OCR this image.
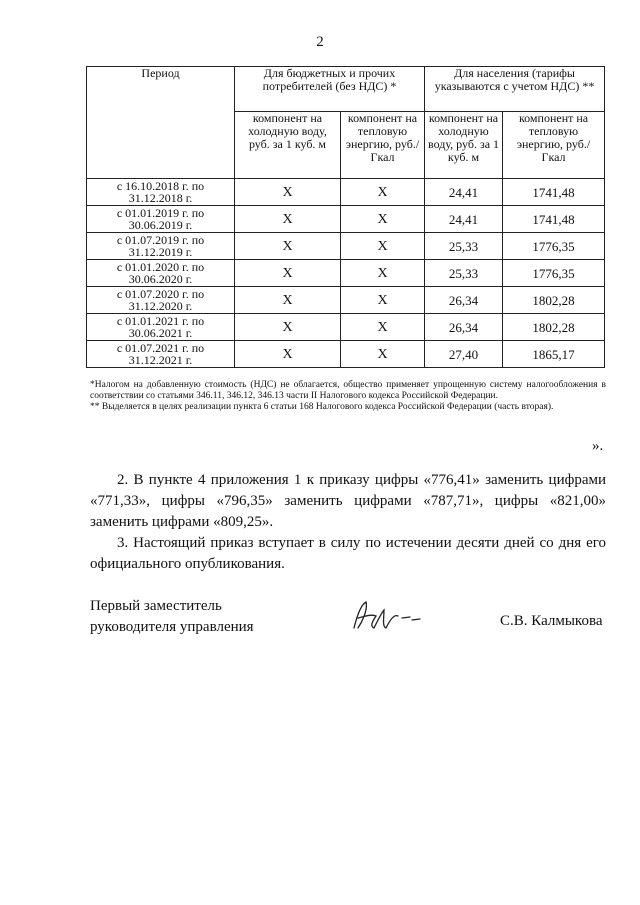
2
Период	Для бюджетных и прочих потребителей (без НДС) *		Для населения (тарифы указываются с учетом НДС) **	
	компонент на холодную воду, руб. за 1 куб. м	компонент на тепловую энергию, руб./Гкал	компонент на холодную воду, руб. за 1 куб. м	компонент на тепловую энергию, руб./Гкал
с 16.10.2018 г. по 31.12.2018 г.	X	X	24,41	1741,48
с 01.01.2019 г. по 30.06.2019 г.	X	X	24,41	1741,48
с 01.07.2019 г. по 31.12.2019 г.	X	X	25,33	1776,35
с 01.01.2020 г. по 30.06.2020 г.	X	X	25,33	1776,35
с 01.07.2020 г. по 31.12.2020 г.	X	X	26,34	1802,28
с 01.01.2021 г. по 30.06.2021 г.	X	X	26,34	1802,28
с 01.07.2021 г. по 31.12.2021 г.	X	X	27,40	1865,17

*Налогом на добавленную стоимость (НДС) не облагается, общество применяет упрощенную систему налогообложения в соответствии со статьями 346.11, 346.12, 346.13 части II Налогового кодекса Российской Федерации.

** Выделяется в целях реализации пункта 6 статьи 168 Налогового кодекса Российской Федерации (часть вторая).

».

2. В пункте 4 приложения 1 к приказу цифры «776,41» заменить цифрами «771,33», цифры «796,35» заменить цифрами «787,71», цифры «821,00» заменить цифрами «809,25».

3. Настоящий приказ вступает в силу по истечении десяти дней со дня его официального опубликования.

Первый заместитель
руководителя управления	С.В. Калмыкова
